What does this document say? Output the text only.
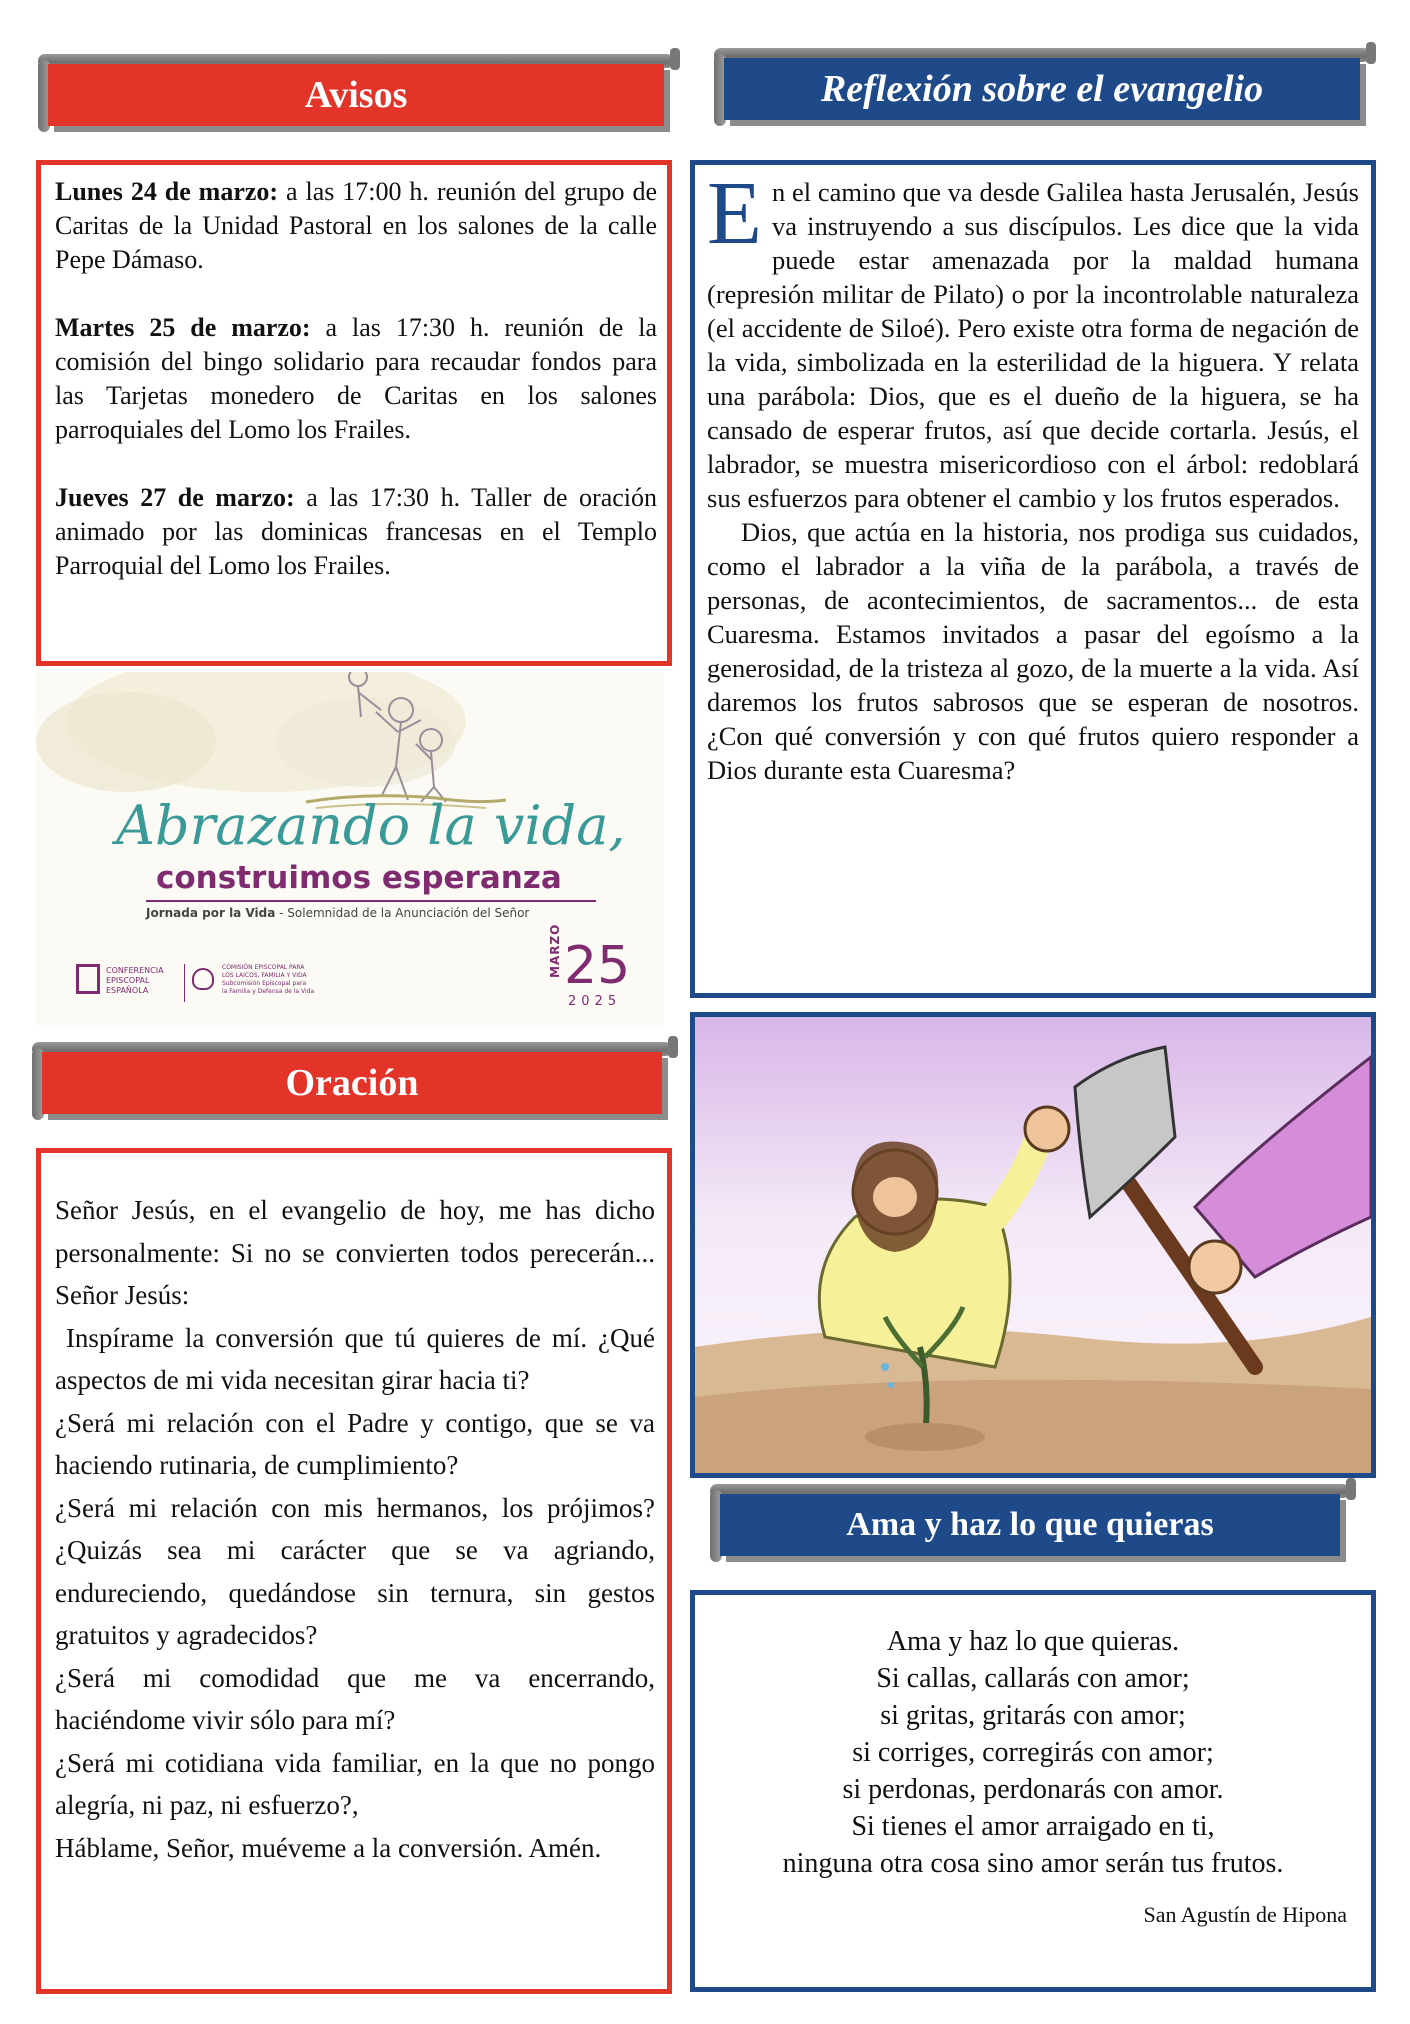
Avisos

Lunes 24 de marzo: a las 17:00 h. reunión del grupo de Caritas de la Unidad Pastoral en los salones de la calle Pepe Dámaso.

Martes 25 de marzo: a las 17:30 h. reunión de la comisión del bingo solidario para recaudar fondos para las Tarjetas monedero de Caritas en los salones parroquiales del Lomo los Frailes.

Jueves 27 de marzo: a las 17:30 h. Taller de oración animado por las dominicas francesas en el Templo Parroquial del Lomo los Frailes.

Abrazando la vida,
construimos esperanza
Jornada por la Vida - Solemnidad de la Anunciación del Señor
CONFERENCIA
EPISCOPAL
ESPAÑOLA
COMISIÓN EPISCOPAL PARA
LOS LAICOS, FAMILIA Y VIDA
Subcomisión Episcopal para
la Familia y Defensa de la Vida
MARZO 25
2025
Oración

Señor Jesús, en el evangelio de hoy, me has dicho personalmente: Si no se convierten todos perecerán... Señor Jesús:

Inspírame la conversión que tú quieres de mí. ¿Qué aspectos de mi vida necesitan girar hacia ti?

¿Será mi relación con el Padre y contigo, que se va haciendo rutinaria, de cumplimiento?

¿Será mi relación con mis hermanos, los prójimos? ¿Quizás sea mi carácter que se va agriando, endureciendo, quedándose sin ternura, sin gestos gratuitos y agradecidos?

¿Será mi comodidad que me va encerrando, haciéndome vivir sólo para mí?

¿Será mi cotidiana vida familiar, en la que no pongo alegría, ni paz, ni esfuerzo?,

Háblame, Señor, muéveme a la conversión. Amén.

Reflexión sobre el evangelio

En el camino que va desde Galilea hasta Jerusalén, Jesús va instruyendo a sus discípulos. Les dice que la vida puede estar amenazada por la maldad humana (represión militar de Pilato) o por la incontrolable naturaleza (el accidente de Siloé). Pero existe otra forma de negación de la vida, simbolizada en la esterilidad de la higuera. Y relata una parábola: Dios, que es el dueño de la higuera, se ha cansado de esperar frutos, así que decide cortarla. Jesús, el labrador, se muestra misericordioso con el árbol: redoblará sus esfuerzos para obtener el cambio y los frutos esperados.

Dios, que actúa en la historia, nos prodiga sus cuidados, como el labrador a la viña de la parábola, a través de personas, de acontecimientos, de sacramentos... de esta Cuaresma. Estamos invitados a pasar del egoísmo a la generosidad, de la tristeza al gozo, de la muerte a la vida. Así daremos los frutos sabrosos que se esperan de nosotros. ¿Con qué conversión y con qué frutos quiero responder a Dios durante esta Cuaresma?

Ama y haz lo que quieras
Ama y haz lo que quieras.
Si callas, callarás con amor;
si gritas, gritarás con amor;
si corriges, corregirás con amor;
si perdonas, perdonarás con amor.
Si tienes el amor arraigado en ti,
ninguna otra cosa sino amor serán tus frutos.
San Agustín de Hipona
